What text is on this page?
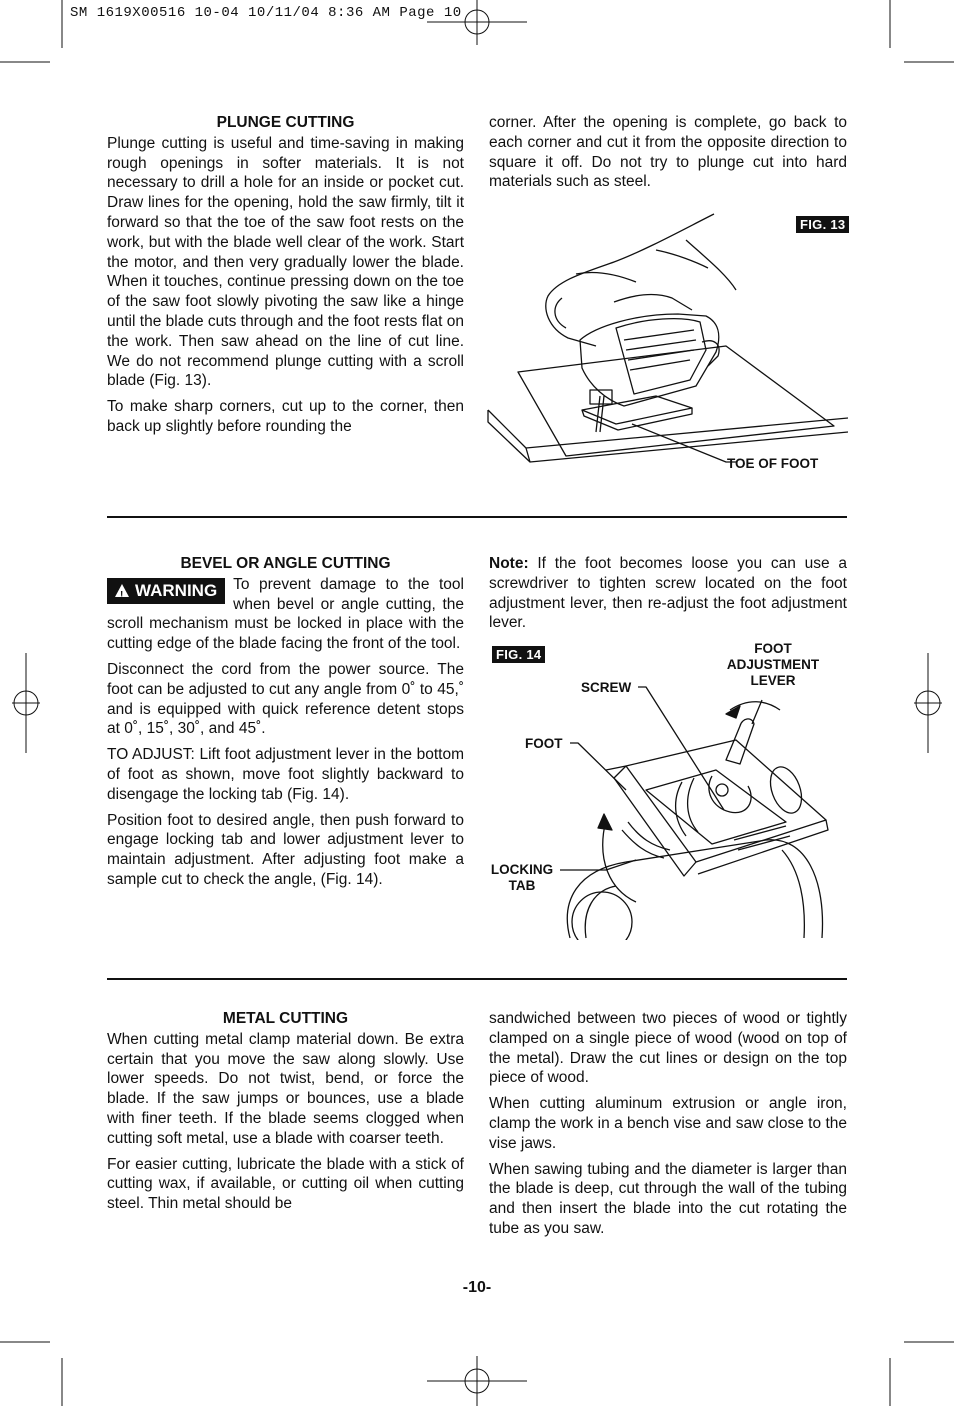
SM 1619X00516 10-04 10/11/04 8:36 AM Page 10
PLUNGE CUTTING

Plunge cutting is useful and time-saving in making rough openings in softer materials. It is not necessary to drill a hole for an inside or pocket cut. Draw lines for the opening, hold the saw firmly, tilt it forward so that the toe of the saw foot rests on the work, but with the blade well clear of the work. Start the motor, and then very gradually lower the blade. When it touches, continue pressing down on the toe of the saw foot slowly pivoting the saw like a hinge until the blade cuts through and the foot rests flat on the work. Then saw ahead on the line of cut line. We do not recommend plunge cutting with a scroll blade (Fig. 13).

To make sharp corners, cut up to the corner, then back up slightly before rounding the

corner. After the opening is complete, go back to each corner and cut it from the opposite direction to square it off. Do not try to plunge cut into hard materials such as steel.

FIG. 13
TOE OF FOOT
BEVEL OR ANGLE CUTTING

! WARNING To prevent damage to the tool when bevel or angle cutting, the scroll mechanism must be locked in place with the cutting edge of the blade facing the front of the tool.

Disconnect the cord from the power source. The foot can be adjusted to cut any angle from 0˚ to 45,˚ and is equipped with quick reference detent stops at 0˚, 15˚, 30˚, and 45˚.

TO ADJUST: Lift foot adjustment lever in the bottom of foot as shown, move foot slightly backward to disengage the locking tab (Fig. 14).

Position foot to desired angle, then push forward to engage locking tab and lower adjustment lever to maintain adjustment. After adjusting foot make a sample cut to check the angle, (Fig. 14).

Note: If the foot becomes loose you can use a screwdriver to tighten screw located on the foot adjustment lever, then re-adjust the foot adjustment lever.

FIG. 14	FOOT ADJUSTMENT LEVER
SCREW
FOOT
LOCKING TAB
METAL CUTTING

When cutting metal clamp material down. Be extra certain that you move the saw along slowly. Use lower speeds. Do not twist, bend, or force the blade. If the saw jumps or bounces, use a blade with finer teeth. If the blade seems clogged when cutting soft metal, use a blade with coarser teeth.

For easier cutting, lubricate the blade with a stick of cutting wax, if available, or cutting oil when cutting steel. Thin metal should be

sandwiched between two pieces of wood or tightly clamped on a single piece of wood (wood on top of the metal). Draw the cut lines or design on the top piece of wood.

When cutting aluminum extrusion or angle iron, clamp the work in a bench vise and saw close to the vise jaws.

When sawing tubing and the diameter is larger than the blade is deep, cut through the wall of the tubing and then insert the blade into the cut rotating the tube as you saw.

-10-
